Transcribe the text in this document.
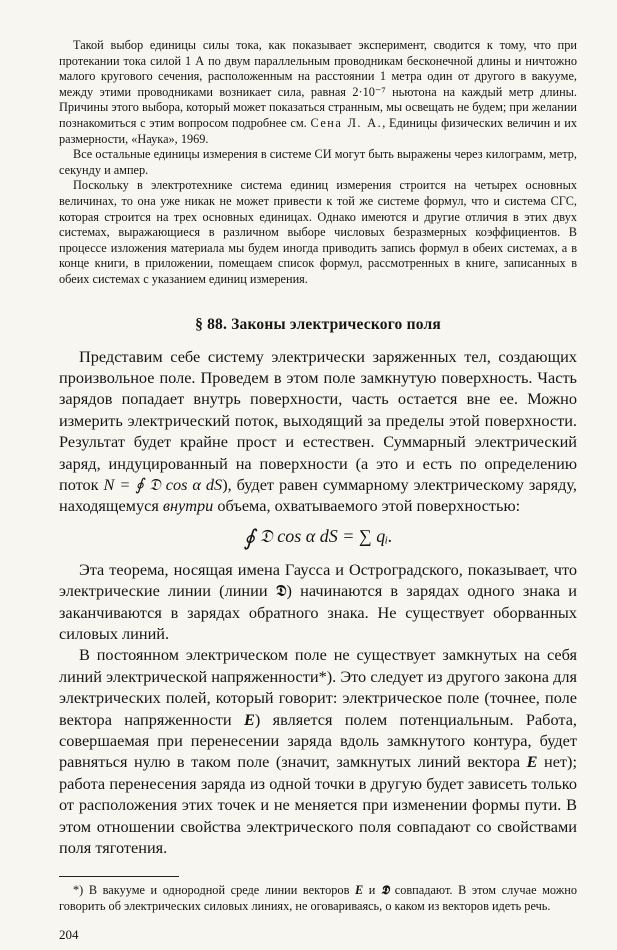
Такой выбор единицы силы тока, как показывает эксперимент, сводится к тому, что при протекании тока силой 1 А по двум параллельным проводникам бесконечной длины и ничтожно малого кругового сечения, расположенным на расстоянии 1 метра один от другого в вакууме, между этими проводниками возникает сила, равная 2·10⁻⁷ ньютона на каждый метр длины. Причины этого выбора, который может показаться странным, мы освещать не будем; при желании познакомиться с этим вопросом подробнее см. Сена Л. А., Единицы физических величин и их размерности, «Наука», 1969.

Все остальные единицы измерения в системе СИ могут быть выражены через килограмм, метр, секунду и ампер.

Поскольку в электротехнике система единиц измерения строится на четырех основных величинах, то она уже никак не может привести к той же системе формул, что и система СГС, которая строится на трех основных единицах. Однако имеются и другие отличия в этих двух системах, выражающиеся в различном выборе числовых безразмерных коэффициентов. В процессе изложения материала мы будем иногда приводить запись формул в обеих системах, а в конце книги, в приложении, помещаем список формул, рассмотренных в книге, записанных в обеих системах с указанием единиц измерения.

§ 88. Законы электрического поля

Представим себе систему электрически заряженных тел, создающих произвольное поле. Проведем в этом поле замкнутую поверхность. Часть зарядов попадает внутрь поверхности, часть остается вне ее. Можно измерить электрический поток, выходящий за пределы этой поверхности. Результат будет крайне прост и естествен. Суммарный электрический заряд, индуцированный на поверхности (а это и есть по определению поток N = ∮ 𝔇 cos α dS), будет равен суммарному электрическому заряду, находящемуся внутри объема, охватываемого этой поверхностью:

∮ 𝔇 cos α dS = ∑ qᵢ.

Эта теорема, носящая имена Гаусса и Остроградского, показывает, что электрические линии (линии 𝕯) начинаются в зарядах одного знака и заканчиваются в зарядах обратного знака. Не существует оборванных силовых линий.

В постоянном электрическом поле не существует замкнутых на себя линий электрической напряженности*). Это следует из другого закона для электрических полей, который говорит: электрическое поле (точнее, поле вектора напряженности E) является полем потенциальным. Работа, совершаемая при перенесении заряда вдоль замкнутого контура, будет равняться нулю в таком поле (значит, замкнутых линий вектора E нет); работа перенесения заряда из одной точки в другую будет зависеть только от расположения этих точек и не меняется при изменении формы пути. В этом отношении свойства электрического поля совпадают со свойствами поля тяготения.

*) В вакууме и однородной среде линии векторов E и 𝕯 совпадают. В этом случае можно говорить об электрических силовых линиях, не оговариваясь, о каком из векторов идеть речь.

204
